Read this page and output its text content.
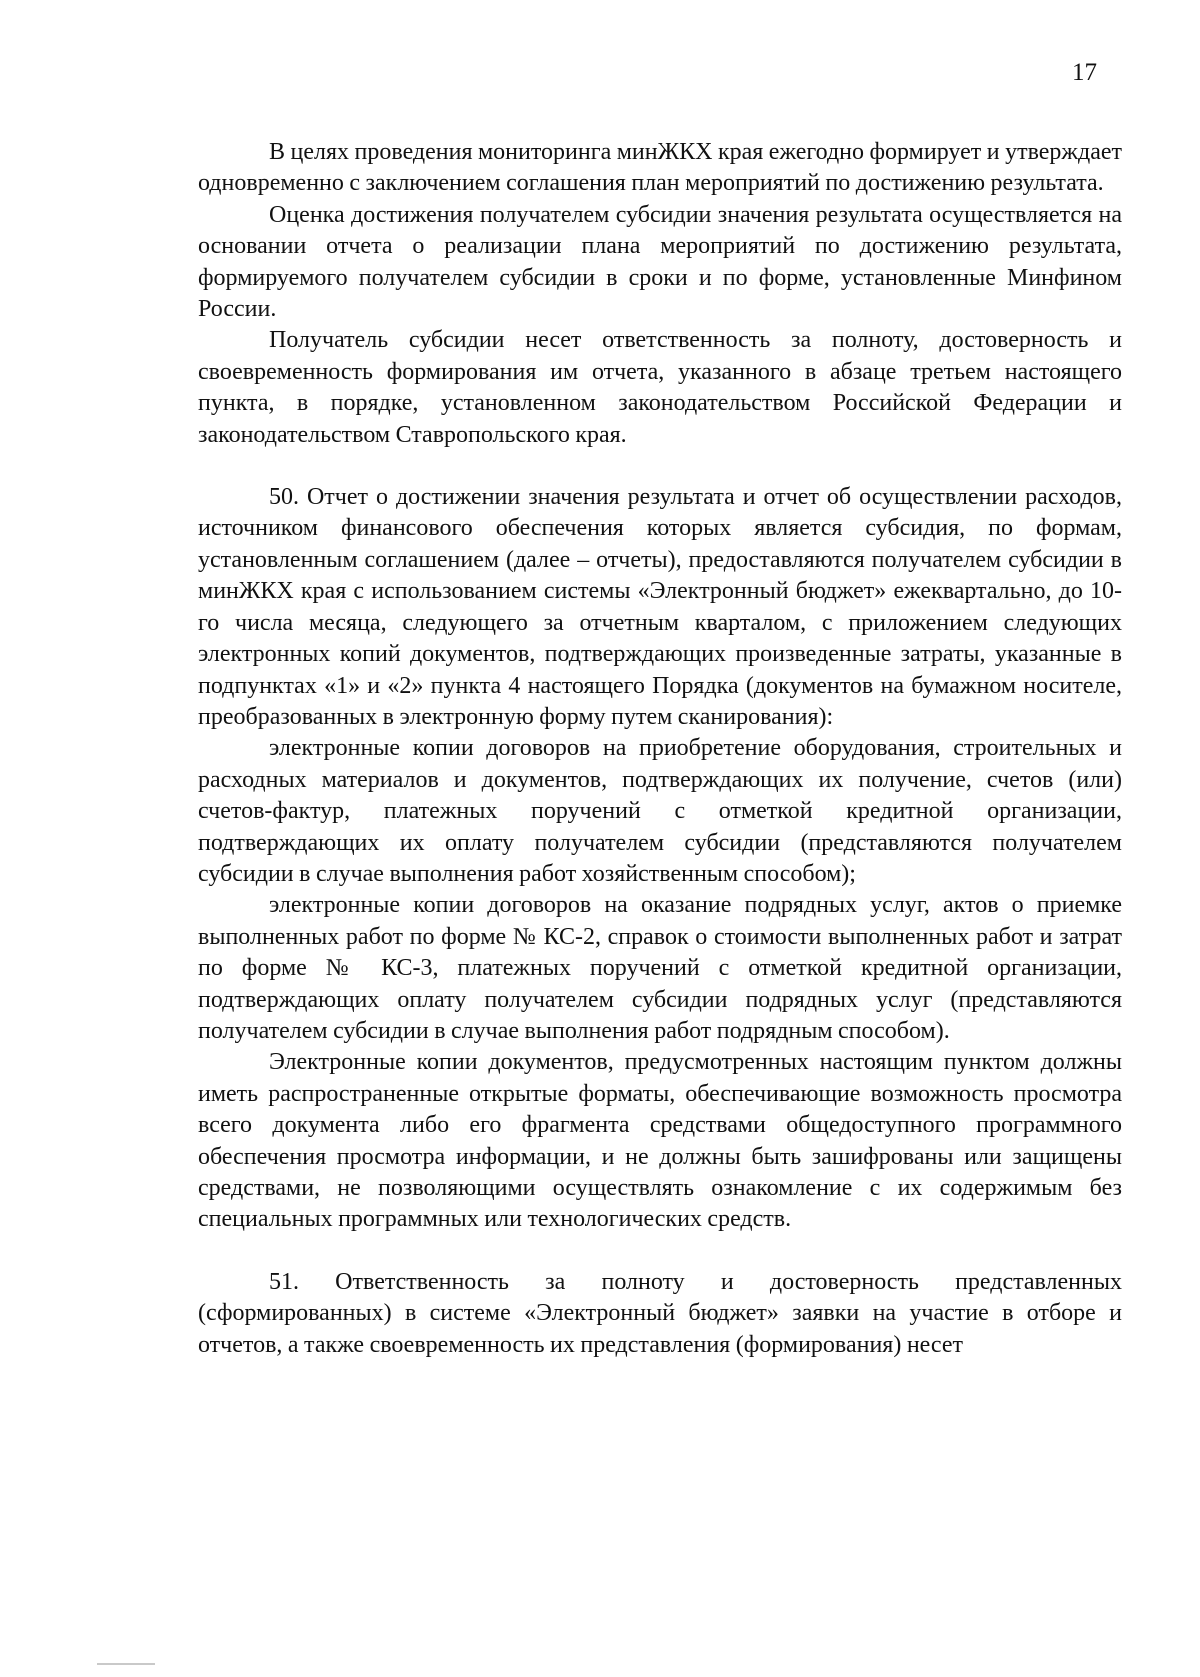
17

В целях проведения мониторинга минЖКХ края ежегодно формирует и утверждает одновременно с заключением соглашения план мероприятий по достижению результата.

Оценка достижения получателем субсидии значения результата осуществляется на основании отчета о реализации плана мероприятий по достижению результата, формируемого получателем субсидии в сроки и по форме, установленные Минфином России.

Получатель субсидии несет ответственность за полноту, достоверность и своевременность формирования им отчета, указанного в абзаце третьем настоящего пункта, в порядке, установленном законодательством Российской Федерации и законодательством Ставропольского края.

50. Отчет о достижении значения результата и отчет об осуществлении расходов, источником финансового обеспечения которых является субсидия, по формам, установленным соглашением (далее – отчеты), предоставляются получателем субсидии в минЖКХ края с использованием системы «Электронный бюджет» ежеквартально, до 10-го числа месяца, следующего за отчетным кварталом, с приложением следующих электронных копий документов, подтверждающих произведенные затраты, указанные в подпунктах «1» и «2» пункта 4 настоящего Порядка (документов на бумажном носителе, преобразованных в электронную форму путем сканирования):

электронные копии договоров на приобретение оборудования, строительных и расходных материалов и документов, подтверждающих их получение, счетов (или) счетов-фактур, платежных поручений с отметкой кредитной организации, подтверждающих их оплату получателем субсидии (представляются получателем субсидии в случае выполнения работ хозяйственным способом);

электронные копии договоров на оказание подрядных услуг, актов о приемке выполненных работ по форме № КС-2, справок о стоимости выполненных работ и затрат по форме № КС-3, платежных поручений с отметкой кредитной организации, подтверждающих оплату получателем субсидии подрядных услуг (представляются получателем субсидии в случае выполнения работ подрядным способом).

Электронные копии документов, предусмотренных настоящим пунктом должны иметь распространенные открытые форматы, обеспечивающие возможность просмотра всего документа либо его фрагмента средствами общедоступного программного обеспечения просмотра информации, и не должны быть зашифрованы или защищены средствами, не позволяющими осуществлять ознакомление с их содержимым без специальных программных или технологических средств.

51. Ответственность за полноту и достоверность представленных (сформированных) в системе «Электронный бюджет» заявки на участие в отборе и отчетов, а также своевременность их представления (формирования) несет
